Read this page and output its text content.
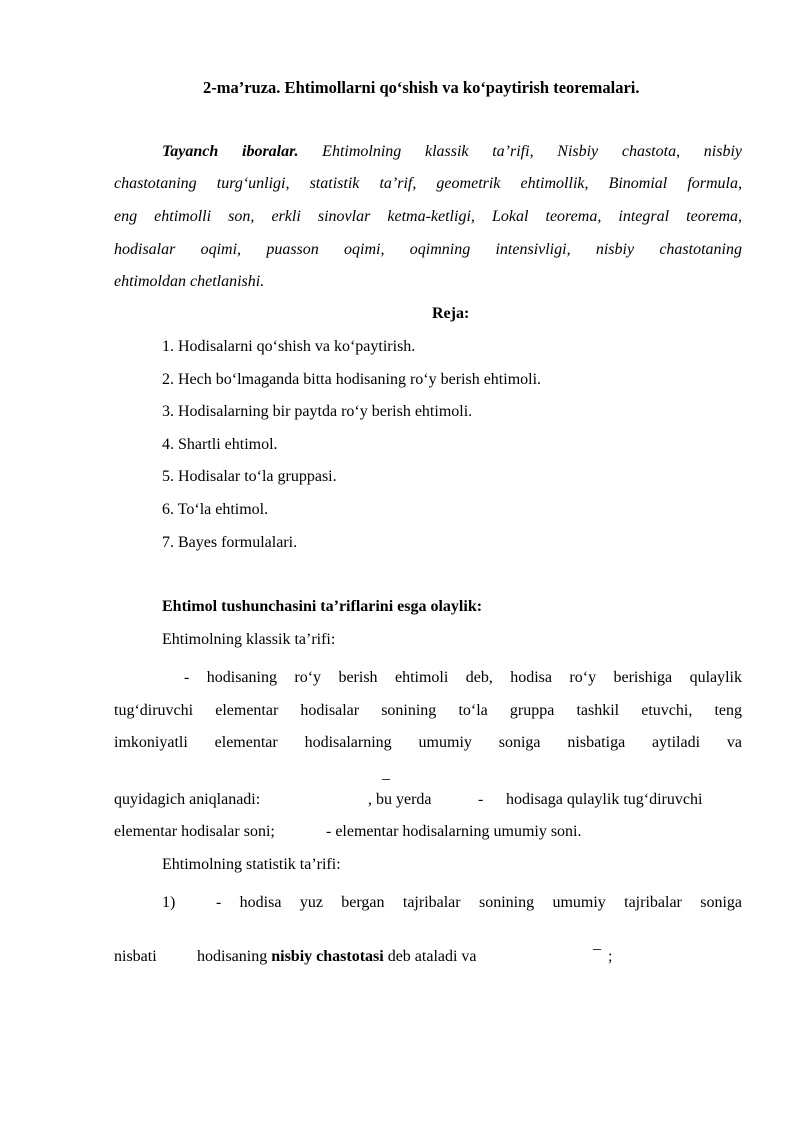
2-ma’ruza. Ehtimollarni qo‘shish va ko‘paytirish teoremalari.
Tayanch iboralar. Ehtimolning klassik ta’rifi, Nisbiy chastota, nisbiy
chastotaning turg‘unligi, statistik ta’rif, geometrik ehtimollik, Binomial formula,
eng ehtimolli son, erkli sinovlar ketma-ketligi, Lokal teorema, integral teorema,
hodisalar oqimi, puasson oqimi, oqimning intensivligi, nisbiy chastotaning
ehtimoldan chetlanishi.
Reja:
1. Hodisalarni qo‘shish va ko‘paytirish.
2. Hech bo‘lmaganda bitta hodisaning ro‘y berish ehtimoli.
3. Hodisalarning bir paytda ro‘y berish ehtimoli.
4. Shartli ehtimol.
5. Hodisalar to‘la gruppasi.
6. To‘la ehtimol.
7. Bayes formulalari.
Ehtimol tushunchasini ta’riflarini esga olaylik:
Ehtimolning klassik ta’rifi:
- hodisaning ro‘y berish ehtimoli deb, hodisa ro‘y berishiga qulaylik
tug‘diruvchi elementar hodisalar sonining to‘la gruppa tashkil etuvchi, teng
imkoniyatli elementar hodisalarning umumiy soniga nisbatiga aytiladi va
_
quyidagich aniqlanadi:	, bu yerda	- hodisaga qulaylik tug‘diruvchi
elementar hodisalar soni;	- elementar hodisalarning umumiy soni.
Ehtimolning statistik ta’rifi:
1)	- hodisa yuz bergan tajribalar sonining umumiy tajribalar soniga
_
nisbati	hodisaning nisbiy chastotasi deb ataladi va	;
